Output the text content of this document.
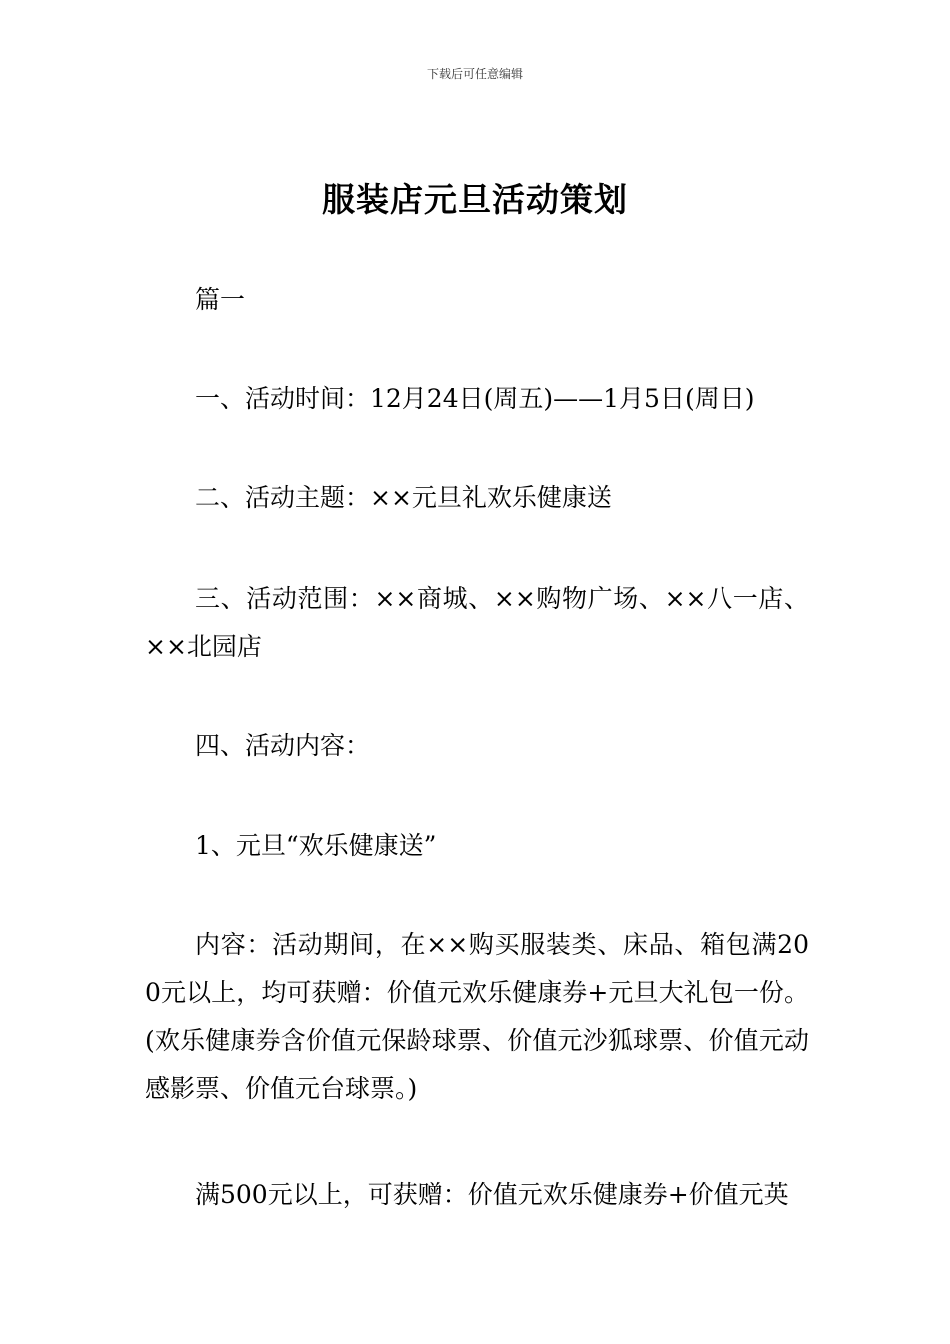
下载后可任意编辑
服装店元旦活动策划

篇一

一、活动时间：12月24日(周五)——1月5日(周日)

二、活动主题：××元旦礼欢乐健康送

三、活动范围：××商城、××购物广场、××八一店、××北园店

四、活动内容：

1、元旦“欢乐健康送”

内容：活动期间，在××购买服装类、床品、箱包满200元以上，均可获赠：价值元欢乐健康券+元旦大礼包一份。(欢乐健康券含价值元保龄球票、价值元沙狐球票、价值元动感影票、价值元台球票。)

满500元以上，可获赠：价值元欢乐健康券+价值元英
